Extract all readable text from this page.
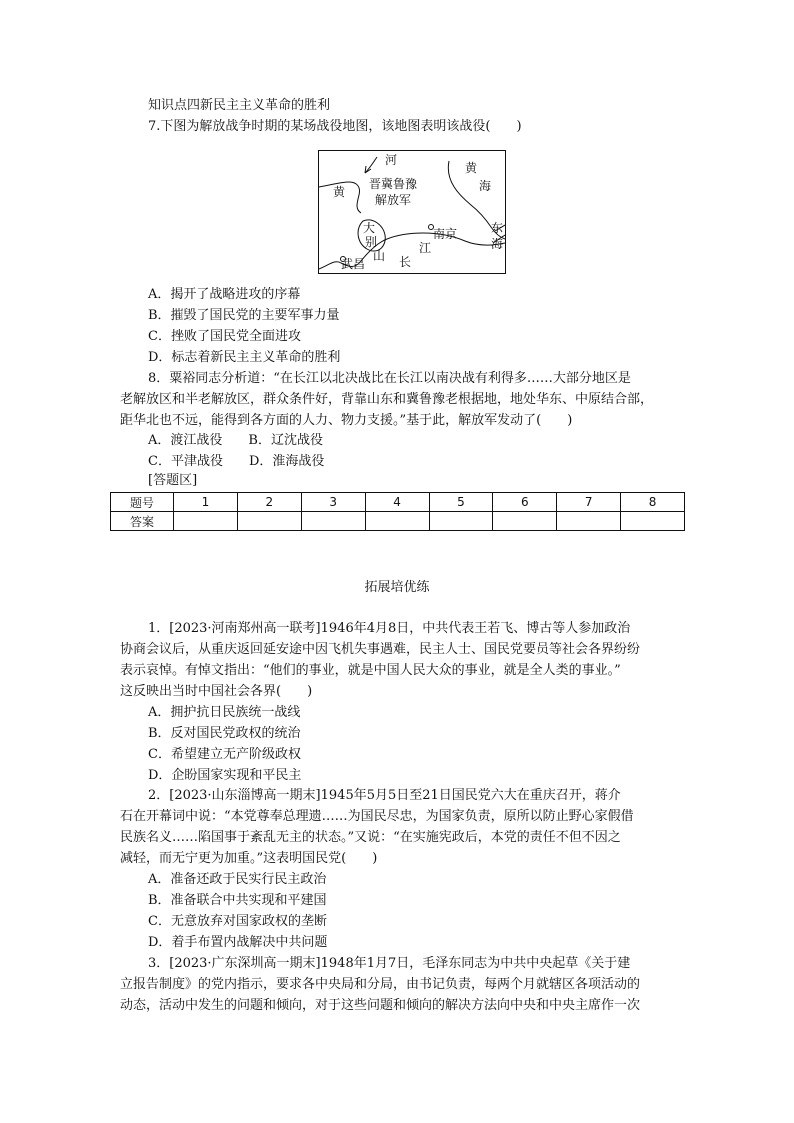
知识点四新民主主义革命的胜利
7.下图为解放战争时期的某场战役地图，该地图表明该战役(　　)
河
黄
黄
海
晋冀鲁豫
解放军
大
别
山
南京
江
长
武昌
东
海
A．揭开了战略进攻的序幕
B．摧毁了国民党的主要军事力量
C．挫败了国民党全面进攻
D．标志着新民主主义革命的胜利
8．粟裕同志分析道：“在长江以北决战比在长江以南决战有利得多……大部分地区是
老解放区和半老解放区，群众条件好，背靠山东和冀鲁豫老根据地，地处华东、中原结合部，
距华北也不远，能得到各方面的人力、物力支援。”基于此，解放军发动了(　　)
A．渡江战役　　B．辽沈战役
C．平津战役　　D．淮海战役
[答题区]
题号	1	2	3	4	5	6	7	8
答案								
拓展培优练
1．[2023·河南郑州高一联考]1946年4月8日，中共代表王若飞、博古等人参加政治
协商会议后，从重庆返回延安途中因飞机失事遇难，民主人士、国民党要员等社会各界纷纷
表示哀悼。有悼文指出：“他们的事业，就是中国人民大众的事业，就是全人类的事业。”
这反映出当时中国社会各界(　　)
A．拥护抗日民族统一战线
B．反对国民党政权的统治
C．希望建立无产阶级政权
D．企盼国家实现和平民主
2．[2023·山东淄博高一期末]1945年5月5日至21日国民党六大在重庆召开，蒋介
石在开幕词中说：“本党尊奉总理遗……为国民尽忠，为国家负责，原所以防止野心家假借
民族名义……陷国事于紊乱无主的状态。”又说：“在实施宪政后，本党的责任不但不因之
减轻，而无宁更为加重。”这表明国民党(　　)
A．准备还政于民实行民主政治
B．准备联合中共实现和平建国
C．无意放弃对国家政权的垄断
D．着手布置内战解决中共问题
3．[2023·广东深圳高一期末]1948年1月7日，毛泽东同志为中共中央起草《关于建
立报告制度》的党内指示，要求各中央局和分局，由书记负责，每两个月就辖区各项活动的
动态，活动中发生的问题和倾向，对于这些问题和倾向的解决方法向中央和中央主席作一次
